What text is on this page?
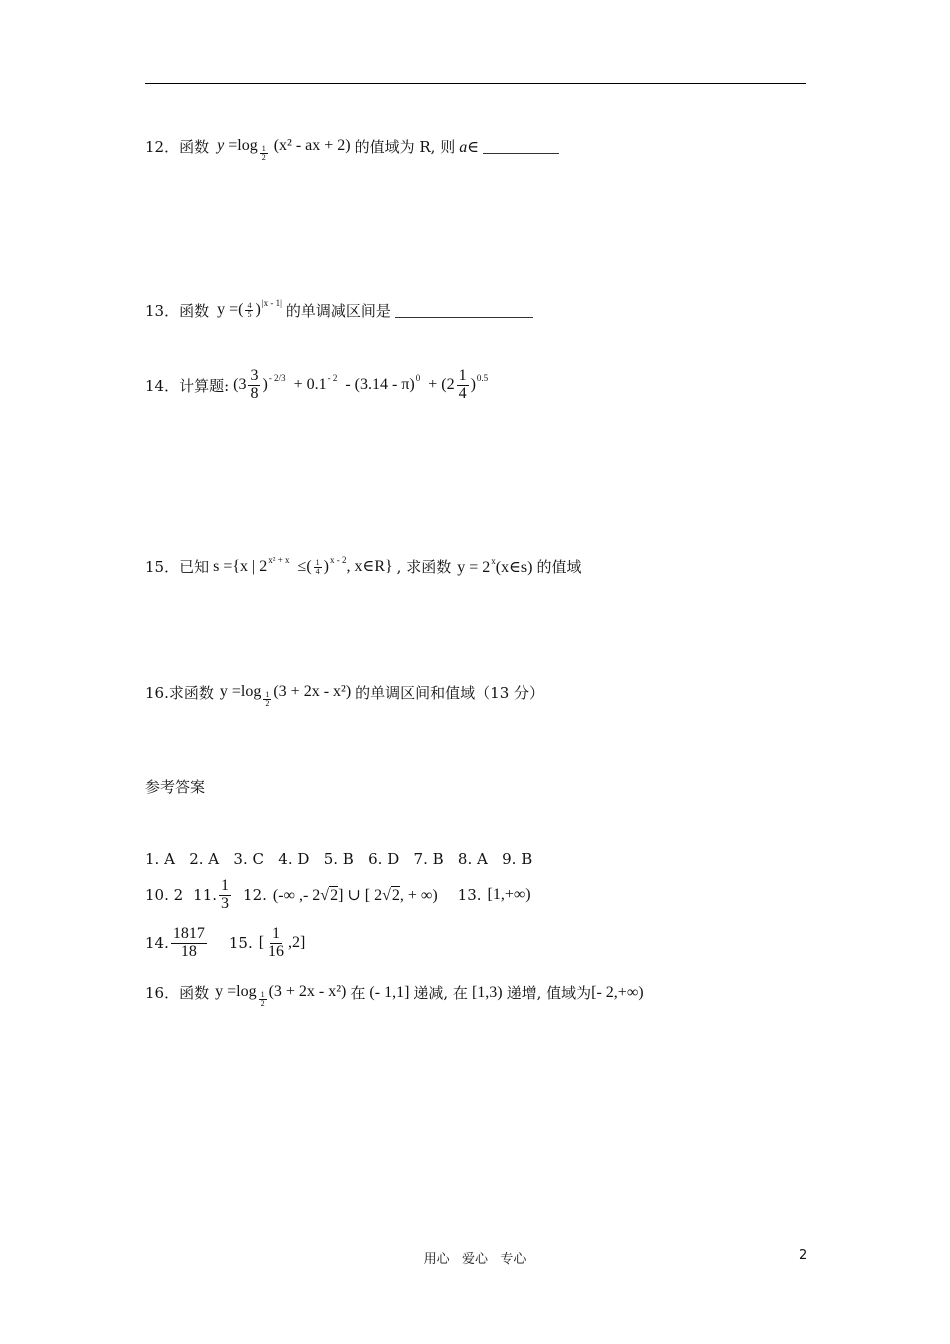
12． 函数 $y =\log \frac{1}{2} (x^2$ - ax + 2) 的值域为 R, 则 a∈
13． 函数 y =( $\frac{4}{5} )^{|x - 1|}$ 的单调减区间是
14． 计算题: $(3 \frac{3}{8} )^{- 2/3} + 0.1^{- 2} - (3.14 - \pi)^0 + (2 \frac{1}{4} )^{0.5}$
15． 已知 s ={x | $2^{x^2 + x}$ ≤( $\frac{1}{4} )^{x - 2}$, x∈R} , 求函数 $y = 2^x(x\in s)$ 的值域
16. 求函数 $y =\log \frac{1}{2} (3 + 2x - x^2)$ 的单调区间和值域（13 分）
参考答案
1. A   2. A   3. C   4. D   5. B   6. D   7. B   8. A   9. B
10. 2 11. $\frac{1}{3} 12$. (-∞ ,- 2√2] ∪ [ 2√2, + ∞) 13. [1,+∞)
14. $\frac{1817}{18} 15$. [ $\frac{1}{16} ,2$]
16． 函数 $y =\log \frac{1}{2} (3 + 2x - x^2)$ 在 (- 1,1] 递减, 在 [1,3) 递增, 值域为 [- 2,+∞)
用心   爱心   专心	2
